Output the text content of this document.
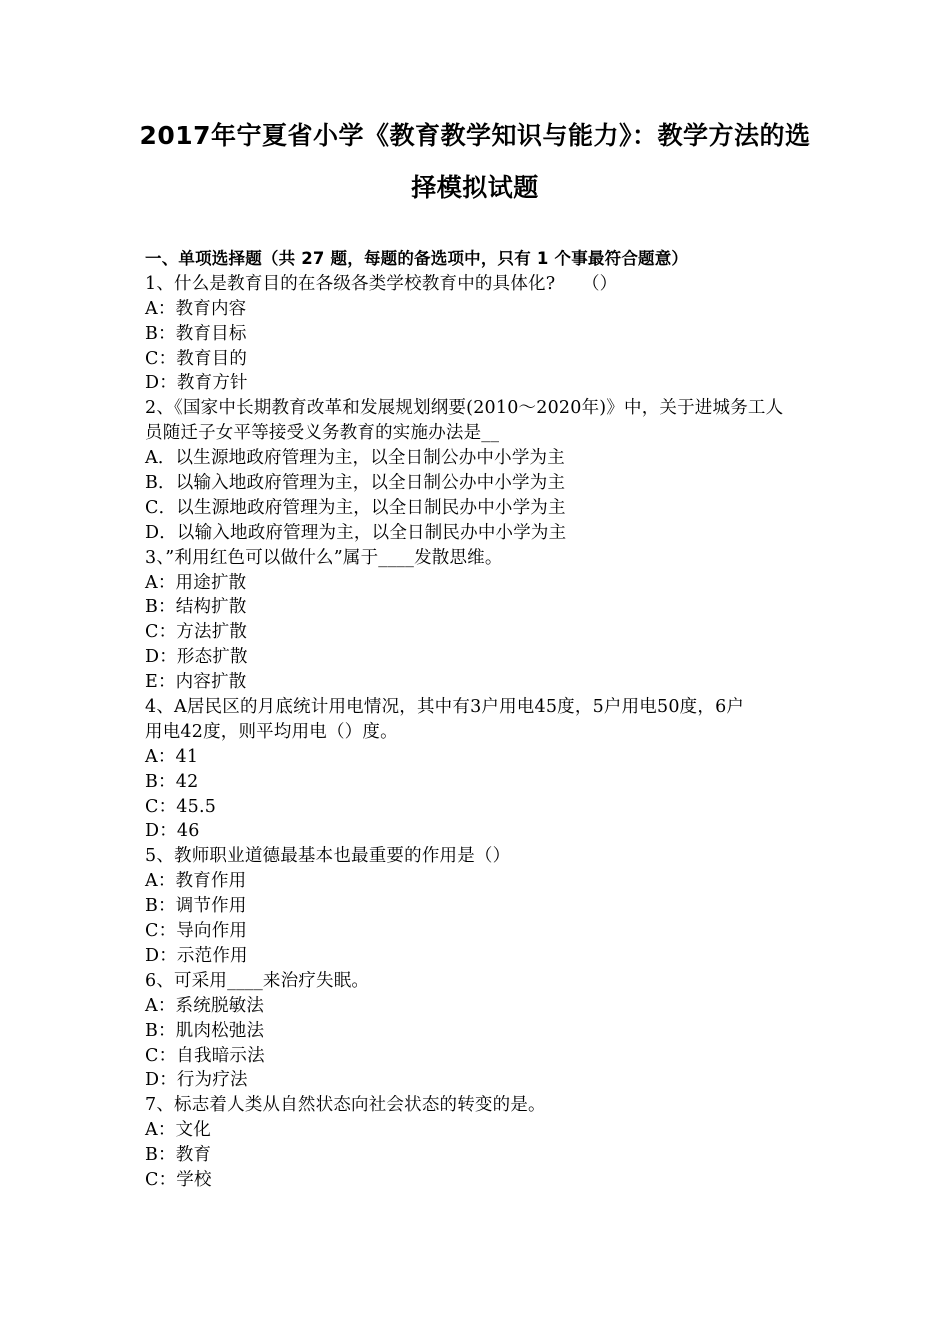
2017年宁夏省小学《教育教学知识与能力》：教学方法的选
择模拟试题
一、单项选择题（共 27 题，每题的备选项中，只有 1 个事最符合题意）
1、什么是教育目的在各级各类学校教育中的具体化?　　（）
A：教育内容
B：教育目标
C：教育目的
D：教育方针
2、《国家中长期教育改革和发展规划纲要(2010～2020年)》中，关于进城务工人
员随迁子女平等接受义务教育的实施办法是__
A．以生源地政府管理为主，以全日制公办中小学为主
B．以输入地政府管理为主，以全日制公办中小学为主
C．以生源地政府管理为主，以全日制民办中小学为主
D．以输入地政府管理为主，以全日制民办中小学为主
3、”利用红色可以做什么”属于____发散思维。
A：用途扩散
B：结构扩散
C：方法扩散
D：形态扩散
E：内容扩散
4、A居民区的月底统计用电情况，其中有3户用电45度，5户用电50度，6户
用电42度，则平均用电（）度。
A：41
B：42
C：45.5
D：46
5、教师职业道德最基本也最重要的作用是（）
A：教育作用
B：调节作用
C：导向作用
D：示范作用
6、可采用____来治疗失眠。
A：系统脱敏法
B：肌肉松弛法
C：自我暗示法
D：行为疗法
7、标志着人类从自然状态向社会状态的转变的是。
A：文化
B：教育
C：学校
